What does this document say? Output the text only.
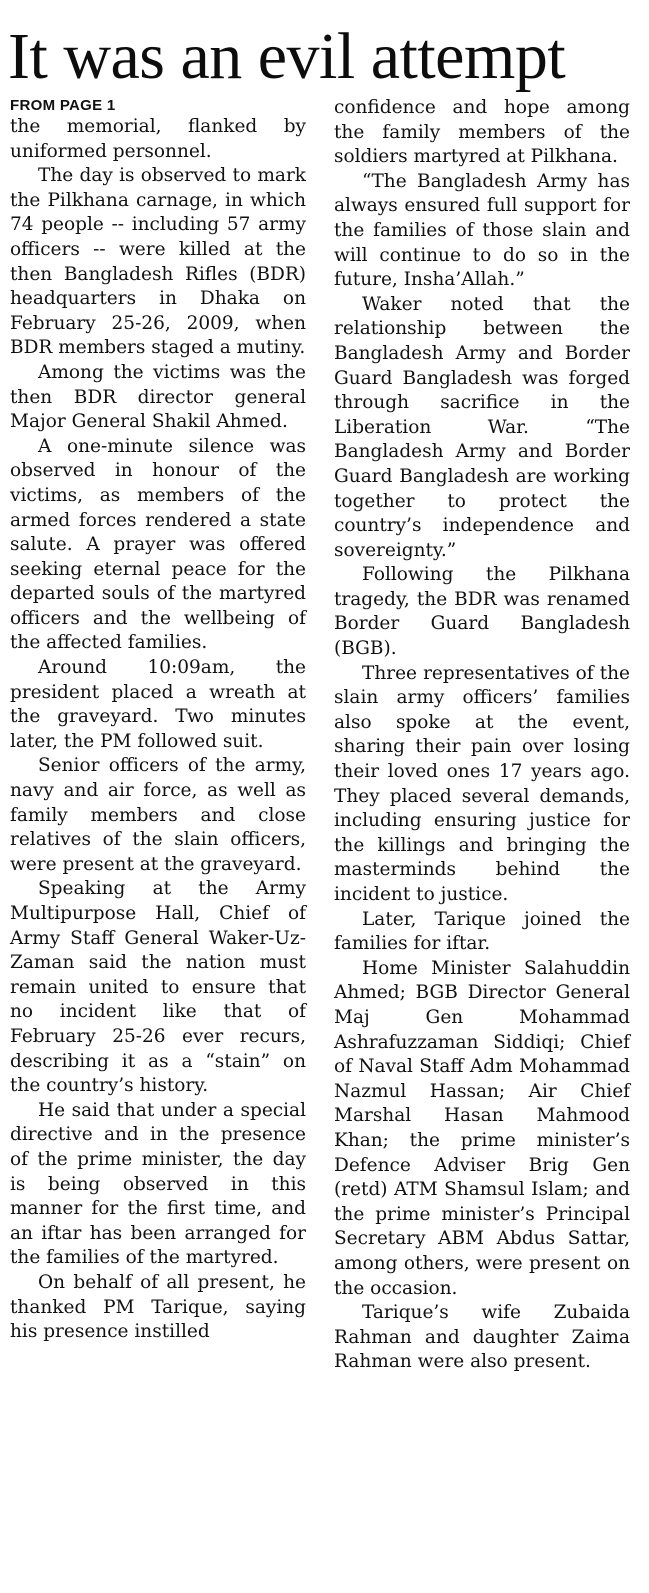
It was an evil attempt
FROM PAGE 1

the memorial, flanked by uniformed personnel.

The day is observed to mark the Pilkhana carnage, in which 74 people -- including 57 army officers -- were killed at the then Bangladesh Rifles (BDR) headquarters in Dhaka on February 25-26, 2009, when BDR members staged a mutiny.

Among the victims was the then BDR director general Major General Shakil Ahmed.

A one-minute silence was observed in honour of the victims, as members of the armed forces rendered a state salute. A prayer was offered seeking eternal peace for the departed souls of the martyred officers and the wellbeing of the affected families.

Around 10:09am, the president placed a wreath at the graveyard. Two minutes later, the PM followed suit.

Senior officers of the army, navy and air force, as well as family members and close relatives of the slain officers, were present at the graveyard.

Speaking at the Army Multipurpose Hall, Chief of Army Staff General Waker-Uz-Zaman said the nation must remain united to ensure that no incident like that of February 25-26 ever recurs, describing it as a “stain” on the country’s history.

He said that under a special directive and in the presence of the prime minister, the day is being observed in this manner for the first time, and an iftar has been arranged for the families of the martyred.

On behalf of all present, he thanked PM Tarique, saying his presence instilled

confidence and hope among the family members of the soldiers martyred at Pilkhana.

“The Bangladesh Army has always ensured full support for the families of those slain and will continue to do so in the future, Insha’Allah.”

Waker noted that the relationship between the Bangladesh Army and Border Guard Bangladesh was forged through sacrifice in the Liberation War. “The Bangladesh Army and Border Guard Bangladesh are working together to protect the country’s independence and sovereignty.”

Following the Pilkhana tragedy, the BDR was renamed Border Guard Bangladesh (BGB).

Three representatives of the slain army officers’ families also spoke at the event, sharing their pain over losing their loved ones 17 years ago. They placed several demands, including ensuring justice for the killings and bringing the masterminds behind the incident to justice.

Later, Tarique joined the families for iftar.

Home Minister Salahuddin Ahmed; BGB Director General Maj Gen Mohammad Ashrafuzzaman Siddiqi; Chief of Naval Staff Adm Mohammad Nazmul Hassan; Air Chief Marshal Hasan Mahmood Khan; the prime minister’s Defence Adviser Brig Gen (retd) ATM Shamsul Islam; and the prime minister’s Principal Secretary ABM Abdus Sattar, among others, were present on the occasion.

Tarique’s wife Zubaida Rahman and daughter Zaima Rahman were also present.
